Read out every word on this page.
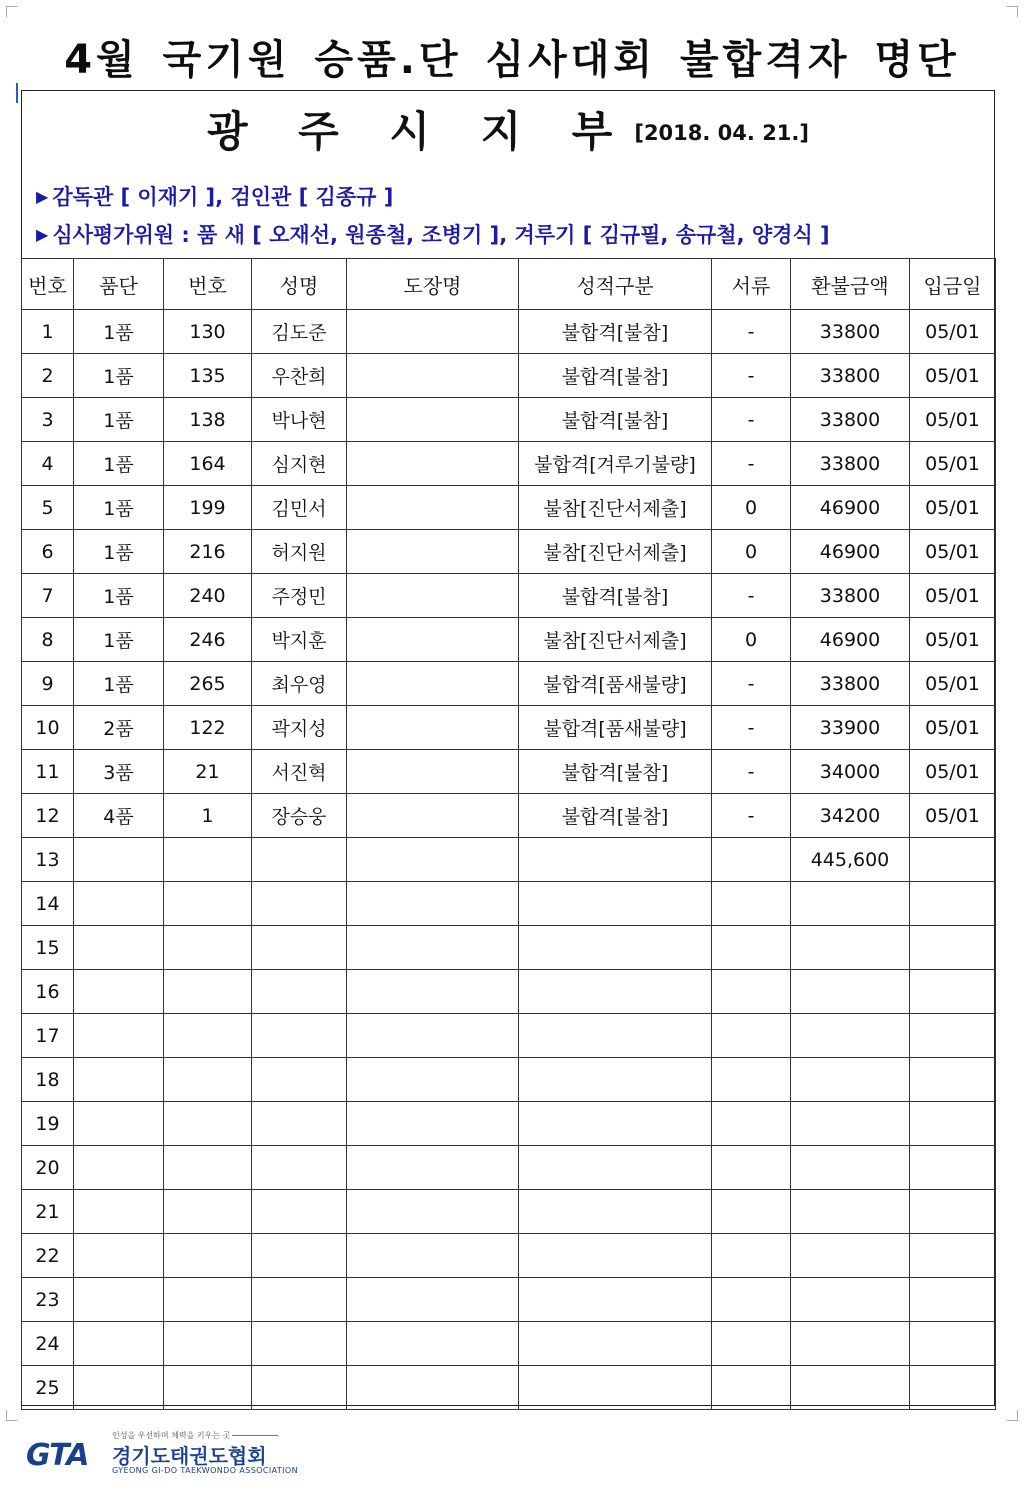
4월 국기원 승품.단 심사대회 불합격자 명단
광 주 시 지 부 [2018. 04. 21.]
▶ 감독관 [ 이재기 ], 검인관 [ 김종규 ]
▶ 심사평가위원 : 품 새 [ 오재선, 원종철, 조병기 ], 겨루기 [ 김규필, 송규철, 양경식 ]
번호	품단	번호	성명	도장명	성적구분	서류	환불금액	입금일
1	1품	130	김도준		불합격[불참]	-	33800	05/01
2	1품	135	우찬희		불합격[불참]	-	33800	05/01
3	1품	138	박나현		불합격[불참]	-	33800	05/01
4	1품	164	심지현		불합격[겨루기불량]	-	33800	05/01
5	1품	199	김민서		불참[진단서제출]	0	46900	05/01
6	1품	216	허지원		불참[진단서제출]	0	46900	05/01
7	1품	240	주정민		불합격[불참]	-	33800	05/01
8	1품	246	박지훈		불참[진단서제출]	0	46900	05/01
9	1품	265	최우영		불합격[품새불량]	-	33800	05/01
10	2품	122	곽지성		불합격[품새불량]	-	33900	05/01
11	3품	21	서진혁		불합격[불참]	-	34000	05/01
12	4품	1	장승웅		불합격[불참]	-	34200	05/01
13							445,600	
14								
15								
16								
17								
18								
19								
20								
21								
22								
23								
24								
25								
GTA
인성을 우선하며 체력을 키우는 곳
경기도태권도협회
GYEONG GI-DO TAEKWONDO ASSOCIATION
